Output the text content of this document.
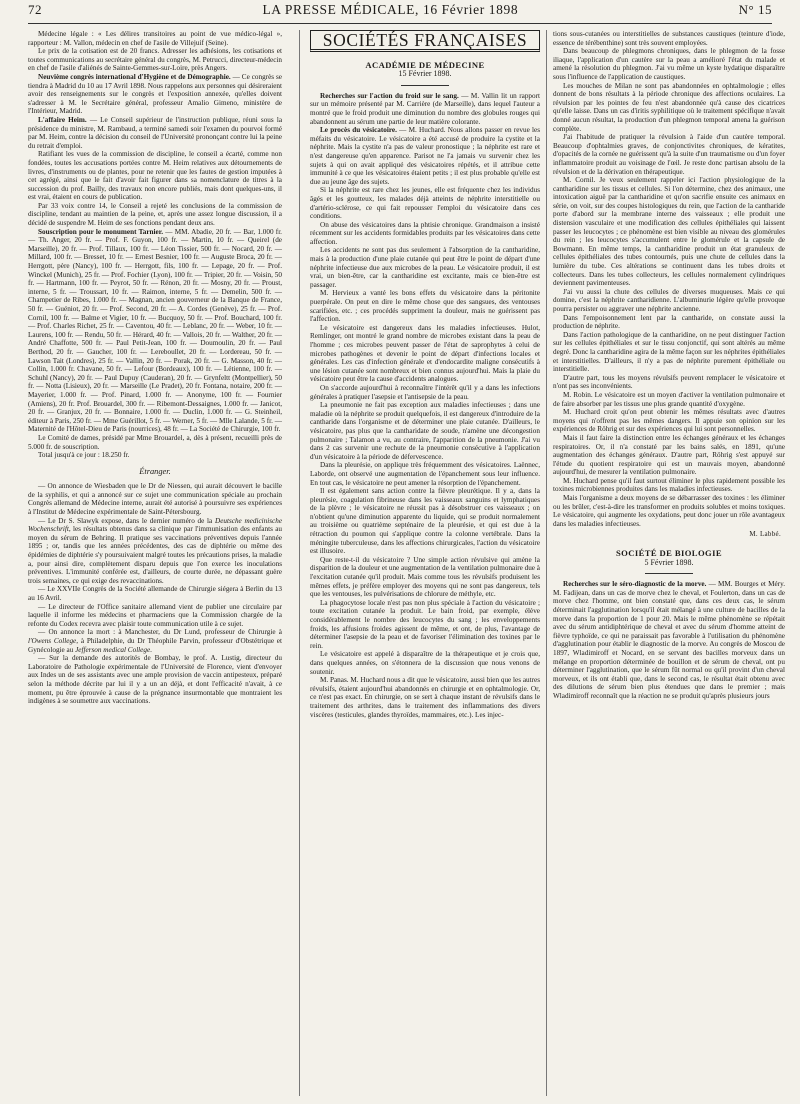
72	LA PRESSE MÉDICALE, 16 Février 1898	N° 15

Médecine légale : « Les délires transitoires au point de vue médico-légal », rapporteur : M. Vallon, médecin en chef de l'asile de Villejuif (Seine).

Le prix de la cotisation est de 20 francs. Adresser les adhésions, les cotisations et toutes communications au secrétaire général du congrès, M. Petrucci, directeur-médecin en chef de l'asile d'aliénés de Sainte-Gemmes-sur-Loire, près Angers.

Neuvième congrès international d'Hygiène et de Démographie. — Ce congrès se tiendra à Madrid du 10 au 17 Avril 1898. Nous rappelons aux personnes qui désireraient avoir des renseignements sur le congrès et l'exposition annexée, qu'elles doivent s'adresser à M. le Secrétaire général, professeur Amalio Gimeno, ministère de l'Intérieur, Madrid.

L'affaire Heim. — Le Conseil supérieur de l'instruction publique, réuni sous la présidence du ministre, M. Rambaud, a terminé samedi soir l'examen du pourvoi formé par M. Heim, contre la décision du conseil de l'Université prononçant contre lui la peine du retrait d'emploi.

Ratifiant les vues de la commission de discipline, le conseil a écarté, comme non fondées, toutes les accusations portées contre M. Heim relatives aux détournements de livres, d'instruments ou de plantes, pour ne retenir que les fautes de gestion imputées à cet agrégé, ainsi que le fait d'avoir fait figurer dans sa nomenclature de titres à la succession du prof. Bailly, des travaux non encore publiés, mais dont quelques-uns, il est vrai, étaient en cours de publication.

Par 33 voix contre 14, le Conseil a rejeté les conclusions de la commission de discipline, tendant au maintien de la peine, et, après une assez longue discussion, il a décidé de suspendre M. Heim de ses fonctions pendant deux ans.

Souscription pour le monument Tarnier. — MM. Abadie, 20 fr. — Bar, 1.000 fr. — Th. Anger, 20 fr. — Prof. F. Guyon, 100 fr. — Martin, 10 fr. — Queirel (de Marseille), 20 fr. — Prof. Tillaux, 100 fr. — Léon Tissier, 500 fr. — Nocard, 20 fr. — Millard, 100 fr. — Bresset, 10 fr. — Ernest Besnier, 100 fr. — Auguste Broca, 20 fr. — Herrgott, père (Nancy), 100 fr. — Herrgott, fils, 100 fr. — Lepage, 20 fr. — Prof. Winckel (Munich), 25 fr. — Prof. Fochier (Lyon), 100 fr. — Tripier, 20 fr. — Voisin, 50 fr. — Hartmann, 100 fr. — Peyrot, 50 fr. — Rénon, 20 fr. — Mosny, 20 fr. — Proust, interne, 5 fr. — Troussart, 10 fr. — Raimon, interne, 5 fr. — Demelin, 500 fr. — Champetier de Ribes, 1.000 fr. — Magnan, ancien gouverneur de la Banque de France, 50 fr. — Guéniot, 20 fr. — Prof. Second, 20 fr. — A. Cordes (Genève), 25 fr. — Prof. Cornil, 100 fr. — Balme et Vigier, 10 fr. — Bucquoy, 50 fr. — Prof. Bouchard, 100 fr. — Prof. Charles Richet, 25 fr. — Caventou, 40 fr. — Leblanc, 20 fr. — Weber, 10 fr. — Laurens, 100 fr. — Rendu, 50 fr. — Hérard, 40 fr. — Vallois, 20 fr. — Walther, 20 fr. — André Chaffotte, 500 fr. — Paul Petit-Jean, 100 fr. — Doumoulin, 20 fr. — Paul Berthod, 20 fr. — Gaucher, 100 fr. — Lereboullet, 20 fr. — Lordereau, 50 fr. — Lawson Tait (Londres), 25 fr. — Vallin, 20 fr. — Porak, 20 fr. — G. Masson, 40 fr. — Collin, 1.000 fr. Chavane, 50 fr. — Lefour (Bordeaux), 100 fr. — Létienne, 100 fr. — Schuhl (Nancy), 20 fr. — Paul Dupuy (Cauderan), 20 fr. — Grynfeltt (Montpellier), 50 fr. — Notta (Lisieux), 20 fr. — Marseille (Le Pradet), 20 fr. Fontana, notaire, 200 fr. — Mayerier, 1.000 fr. — Prof. Pinard, 1.000 fr. — Anonyme, 100 fr. — Fournier (Amiens), 20 fr. Prof. Brouardel, 300 fr. — Ribemont-Dessaignes, 1.000 fr. — Janicot, 20 fr. — Granjux, 20 fr. — Bonnaire, 1.000 fr. — Duclin, 1.000 fr. — G. Steinheil, éditeur à Paris, 250 fr. — Mme Guérillot, 5 fr. — Werner, 5 fr. — Mlle Lalande, 5 fr. — Maternité de l'Hôtel-Dieu de Paris (nourrices), 48 fr. — La Société de Chirurgie, 100 fr.

Le Comité de dames, présidé par Mme Brouardel, a, dès à présent, recueilli près de 5.000 fr. de souscription.

Total jusqu'à ce jour : 18.250 fr.

Étranger.

— On annonce de Wiesbaden que le Dr de Niessen, qui aurait découvert le bacille de la syphilis, et qui a annoncé sur ce sujet une communication spéciale au prochain Congrès allemand de Médecine interne, aurait été autorisé à poursuivre ses expériences à l'Institut de Médecine expérimentale de Saint-Pétersbourg.

— Le Dr S. Slawyk expose, dans le dernier numéro de la Deutsche medicinische Wochenschrift, les résultats obtenus dans sa clinique par l'immunisation des enfants au moyen du sérum de Behring. Il pratique ses vaccinations préventives depuis l'année 1895 ; or, tandis que les années précédentes, des cas de diphtérie ou même des épidémies de diphtérie s'y poursuivaient malgré toutes les précautions prises, la maladie a, pour ainsi dire, complètement disparu depuis que l'on exerce les inoculations préventives. L'immunité conférée est, d'ailleurs, de courte durée, ne dépassant guère trois semaines, ce qui exige des revaccinations.

— Le XXVIIe Congrès de la Société allemande de Chirurgie siégera à Berlin du 13 au 16 Avril.

— Le directeur de l'Office sanitaire allemand vient de publier une circulaire par laquelle il informe les médecins et pharmaciens que la Commission chargée de la refonte du Codex recevra avec plaisir toute communication utile à ce sujet.

— On annonce la mort : à Manchester, du Dr Lund, professeur de Chirurgie à l'Owens College, à Philadelphie, du Dr Théophile Parvin, professeur d'Obstétrique et Gynécologie au Jefferson medical College.

— Sur la demande des autorités de Bombay, le prof. A. Lustig, directeur du Laboratoire de Pathologie expérimentale de l'Université de Florence, vient d'envoyer aux Indes un de ses assistants avec une ample provision de vaccin antipesteux, préparé selon la méthode décrite par lui il y a un an déjà, et dont l'efficacité n'avait, à ce moment, pu être éprouvée à cause de la prégnance insurmontable que montraient les indigènes à se soumettre aux vaccinations.

SOCIÉTÉS FRANÇAISES
ACADÉMIE DE MÉDECINE
15 Février 1898.

Recherches sur l'action du froid sur le sang. — M. Vallin lit un rapport sur un mémoire présenté par M. Carrière (de Marseille), dans lequel l'auteur a montré que le froid produit une diminution du nombre des globules rouges qui abandonnent au sérum une partie de leur matière colorante.

Le procès du vésicatoire. — M. Huchard. Nous allons passer en revue les méfaits du vésicatoire. Le vésicatoire a été accusé de produire la cystite et la néphrite. Mais la cystite n'a pas de valeur pronostique ; la néphrite est rare et n'est dangereuse qu'en apparence. Parisot ne l'a jamais vu survenir chez les sujets à qui on avait appliqué des vésicatoires répétés, et il attribue cette immunité à ce que les vésicatoires étaient petits ; il est plus probable qu'elle est due au jeune âge des sujets.

Si la néphrite est rare chez les jeunes, elle est fréquente chez les individus âgés et les goutteux, les malades déjà atteints de néphrite interstitielle ou d'artério-sclérose, ce qui fait repousser l'emploi du vésicatoire dans ces conditions.

On abuse des vésicatoires dans la phtisie chronique. Grandmaison a insisté récemment sur les accidents formidables produits par les vésicatoires dans cette affection.

Les accidents ne sont pas dus seulement à l'absorption de la cantharidine, mais à la production d'une plaie cutanée qui peut être le point de départ d'une néphrite infectieuse due aux microbes de la peau. Le vésicatoire produit, il est vrai, un bien-être, car la cantharidine est excitante, mais ce bien-être est passager.

M. Hervieux a vanté les bons effets du vésicatoire dans la péritonite puerpérale. On peut en dire le même chose que des sangsues, des ventouses scarifiées, etc. ; ces procédés suppriment la douleur, mais ne guérissent pas l'affection.

Le vésicatoire est dangereux dans les maladies infectieuses. Hulot, Remlinger, ont montré le grand nombre de microbes existant dans la peau de l'homme ; ces microbes peuvent passer de l'état de saprophytes à celui de microbes pathogènes et devenir le point de départ d'infections locales et générales. Les cas d'infection générale et d'endocardite maligne consécutifs à une lésion cutanée sont nombreux et bien connus aujourd'hui. Mais la plaie du vésicatoire peut être la cause d'accidents analogues.

On s'accorde aujourd'hui à reconnaître l'intérêt qu'il y a dans les infections générales à pratiquer l'asepsie et l'antisepsie de la peau.

La pneumonie ne fait pas exception aux maladies infectieuses ; dans une maladie où la néphrite se produit quelquefois, il est dangereux d'introduire de la cantharide dans l'organisme et de déterminer une plaie cutanée. D'ailleurs, le vésicatoire, pas plus que la cantharidate de soude, n'amène une décongestion pulmonaire ; Talamon a vu, au contraire, l'apparition de la pneumonie. J'ai vu dans 2 cas survenir une rechute de la pneumonie consécutive à l'application d'un vésicatoire à la période de défervescence.

Dans la pleurésie, on applique très fréquemment des vésicatoires. Laënnec, Laborde, ont observé une augmentation de l'épanchement sous leur influence. En tout cas, le vésicatoire ne peut amener la résorption de l'épanchement.

Il est également sans action contre la fièvre pleurétique. Il y a, dans la pleurésie, coagulation fibrineuse dans les vaisseaux sanguins et lymphatiques de la plèvre ; le vésicatoire ne réussit pas à désobstruer ces vaisseaux ; on n'obtient qu'une diminution apparente du liquide, qui se produit normalement au troisième ou quatrième septénaire de la pleurésie, et qui est due à la rétraction du poumon qui s'applique contre la colonne vertébrale. Dans la méningite tuberculeuse, dans les affections chirurgicales, l'action du vésicatoire est illusoire.

Que reste-t-il du vésicatoire ? Une simple action révulsive qui amène la disparition de la douleur et une augmentation de la ventilation pulmonaire due à l'excitation cutanée qu'il produit. Mais comme tous les révulsifs produisent les mêmes effets, je préfère employer des moyens qui ne sont pas dangereux, tels que les ventouses, les pulvérisations de chlorure de méthyle, etc.

La phagocytose locale n'est pas non plus spéciale à l'action du vésicatoire ; toute excitation cutanée la produit. Le bain froid, par exemple, élève considérablement le nombre des leucocytes du sang ; les enveloppements froids, les affusions froides agissent de même, et ont, de plus, l'avantage de déterminer l'asepsie de la peau et de favoriser l'élimination des toxines par le rein.

Le vésicatoire est appelé à disparaître de la thérapeutique et je crois que, dans quelques années, on s'étonnera de la discussion que nous venons de soutenir.

M. Panas. M. Huchard nous a dit que le vésicatoire, aussi bien que les autres révulsifs, étaient aujourd'hui abandonnés en chirurgie et en ophtalmologie. Or, ce n'est pas exact. En chirurgie, on se sert à chaque instant de révulsifs dans le traitement des arthrites, dans le traitement des inflammations des divers viscères (testicules, glandes thyroïdes, mammaires, etc.). Les injec-

tions sous-cutanées ou interstitielles de substances caustiques (teinture d'iode, essence de térébenthine) sont très souvent employées.

Dans beaucoup de phlegmons chroniques, dans le phlegmon de la fosse iliaque, l'application d'un cautère sur la peau a amélioré l'état du malade et amené la résolution du phlegmon. J'ai vu même un kyste hydatique disparaître sous l'influence de l'application de caustiques.

Les mouches de Milan ne sont pas abandonnées en ophtalmologie ; elles donnent de bons résultats à la période chronique des affections oculaires. La révulsion par les pointes de feu n'est abandonnée qu'à cause des cicatrices qu'elle laisse. Dans un cas d'iritis syphilitique où le traitement spécifique n'avait donné aucun résultat, la production d'un phlegmon temporal amena la guérison complète.

J'ai l'habitude de pratiquer la révulsion à l'aide d'un cautère temporal. Beaucoup d'ophtalmies graves, de conjonctivites chroniques, de kératites, d'opacités de la cornée ne guérissent qu'à la suite d'un traumatisme ou d'un foyer inflammatoire produit au voisinage de l'œil. Je reste donc partisan absolu de la révulsion et de la dérivation en thérapeutique.

M. Cornil. Je veux seulement rappeler ici l'action physiologique de la cantharidine sur les tissus et cellules. Si l'on détermine, chez des animaux, une intoxication aiguë par la cantharidine et qu'on sacrifie ensuite ces animaux en série, on voit, sur des coupes histologiques du rein, que l'action de la cantharide porte d'abord sur la membrane interne des vaisseaux ; elle produit une distension vasculaire et une modification des cellules épithéliales qui laissent passer les leucocytes ; ce phénomène est bien visible au niveau des glomérules du rein ; les leucocytes s'accumulent entre le glomérule et la capsule de Bowmann. En même temps, la cantharidine produit un état granuleux de cellules épithéliales des tubes contournés, puis une chute de cellules dans la lumière du tube. Ces altérations se continuent dans les tubes droits et collecteurs. Dans les tubes collecteurs, les cellules normalement cylindriques deviennent pavimenteuses.

J'ai vu aussi la chute des cellules de diverses muqueuses. Mais ce qui domine, c'est la néphrite cantharidienne. L'albuminurie légère qu'elle provoque pourra persister ou aggraver une néphrite ancienne.

Dans l'empoisonnement lent par la cantharide, on constate aussi la production de néphrite.

Dans l'action pathologique de la cantharidine, on ne peut distinguer l'action sur les cellules épithéliales et sur le tissu conjonctif, qui sont altérés au même degré. Donc la cantharidine agira de la même façon sur les néphrites épithéliales et interstitielles. D'ailleurs, il n'y a pas de néphrite purement épithéliale ou interstitielle.

D'autre part, tous les moyens révulsifs peuvent remplacer le vésicatoire et n'ont pas ses inconvénients.

M. Robin. Le vésicatoire est un moyen d'activer la ventilation pulmonaire et de faire absorber par les tissus une plus grande quantité d'oxygène.

M. Huchard croit qu'on peut obtenir les mêmes résultats avec d'autres moyens qui n'offrent pas les mêmes dangers. Il appuie son opinion sur les expériences de Röhrig et sur des expériences qui lui sont personnelles.

Mais il faut faire la distinction entre les échanges généraux et les échanges respiratoires. Or, il n'a constaté par les bains salés, en 1891, qu'une augmentation des échanges généraux. D'autre part, Röhrig s'est appuyé sur l'étude du quotient respiratoire qui est un mauvais moyen, abandonné aujourd'hui, de mesurer la ventilation pulmonaire.

M. Huchard pense qu'il faut surtout éliminer le plus rapidement possible les toxines microbiennes produites dans les maladies infectieuses.

Mais l'organisme a deux moyens de se débarrasser des toxines : les éliminer ou les brûler, c'est-à-dire les transformer en produits solubles et moins toxiques. Le vésicatoire, qui augmente les oxydations, peut donc jouer un rôle avantageux dans les maladies infectieuses.

M. Labbé.
SOCIÉTÉ DE BIOLOGIE
5 Février 1898.

Recherches sur le séro-diagnostic de la morve. — MM. Bourges et Méry. M. Fadijean, dans un cas de morve chez le cheval, et Foulerton, dans un cas de morve chez l'homme, ont bien constaté que, dans ces deux cas, le sérum déterminait l'agglutination lorsqu'il était mélangé à une culture de bacilles de la morve dans la proportion de 1 pour 20. Mais le même phénomène se répétait avec du sérum antidiphtérique de cheval et avec du sérum d'homme atteint de fièvre typhoïde, ce qui ne paraissait pas favorable à l'utilisation du phénomène d'agglutination pour établir le diagnostic de la morve. Au congrès de Moscou de 1897, Wladimiroff et Nocard, en se servant des bacilles morveux dans un mélange en proportion déterminée de bouillon et de sérum de cheval, ont pu déterminer l'agglutination, que le sérum fût normal ou qu'il provint d'un cheval morveux, et ils ont établi que, dans le second cas, le résultat était obtenu avec des dilutions de sérum bien plus étendues que dans le premier ; mais Wladimiroff reconnaît que la réaction ne se produit qu'après plusieurs jours
